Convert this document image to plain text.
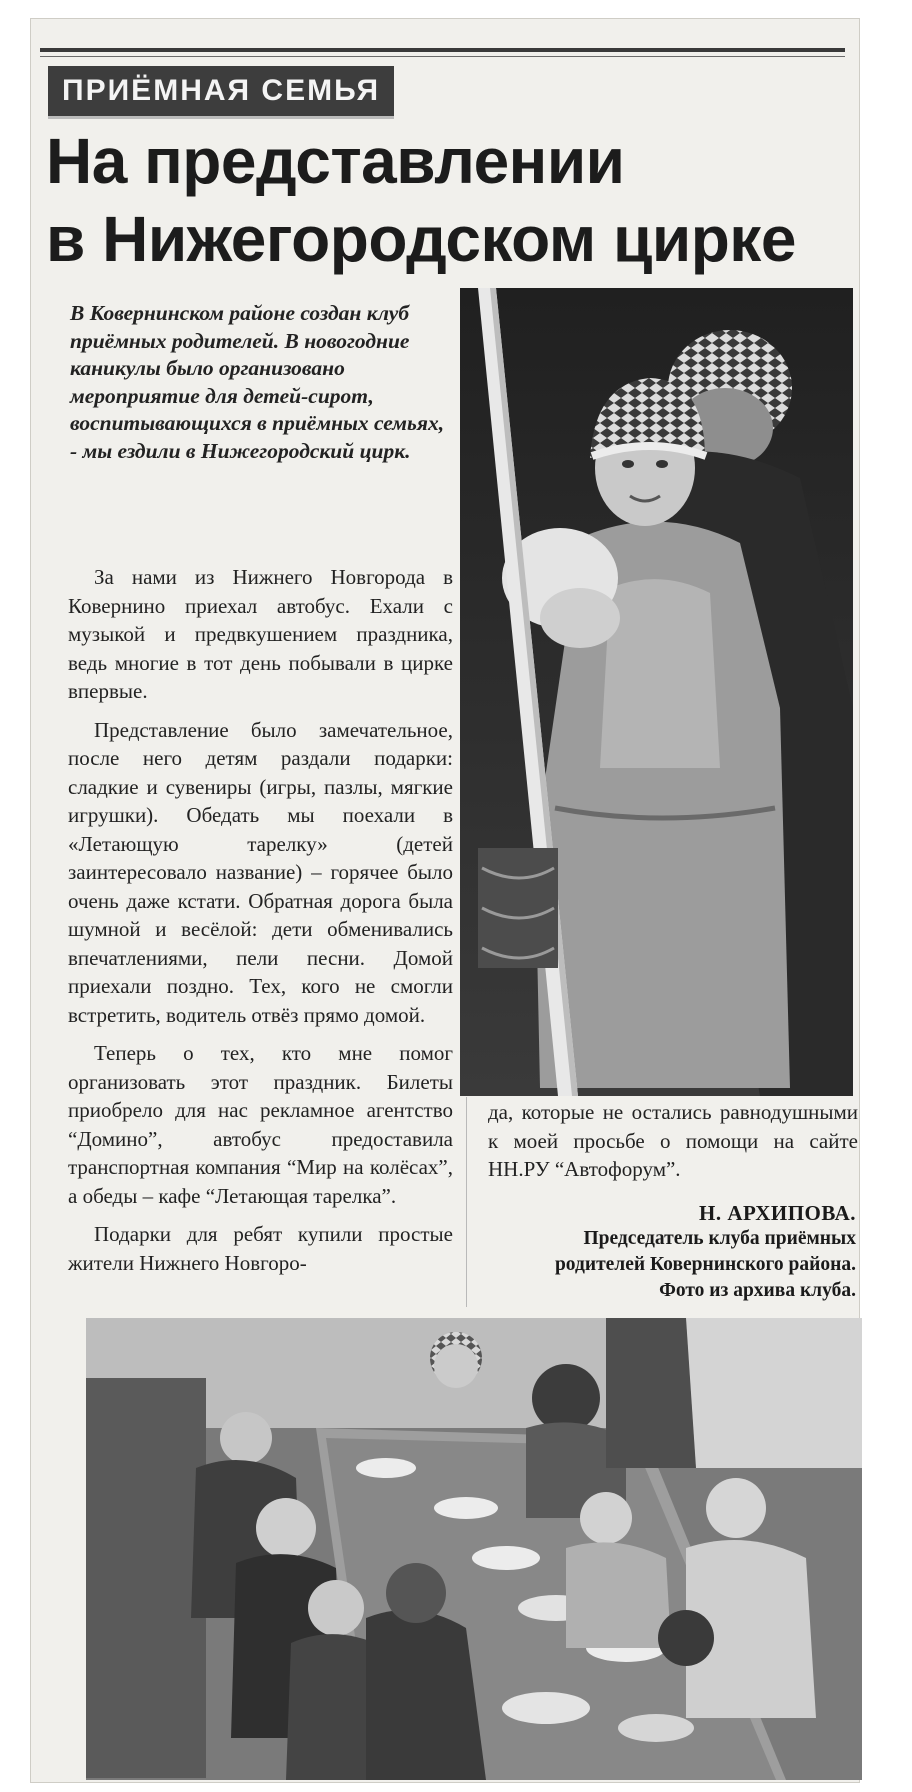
ПРИЁМНАЯ СЕМЬЯ
На представлении
в Нижегородском цирке
В Ковернинском районе создан клуб приёмных родителей. В новогодние каникулы было организовано мероприятие для детей-сирот, воспитывающихся в приёмных семьях, - мы ездили в Нижегородский цирк.

За нами из Нижнего Новгорода в Ковернино приехал автобус. Ехали с музыкой и предвкушением праздника, ведь многие в тот день побывали в цирке впервые.

Представление было замечательное, после него детям раздали подарки: сладкие и сувениры (игры, пазлы, мягкие игрушки). Обедать мы поехали в «Летающую тарелку» (детей заинтересовало название) – горячее было очень даже кстати. Обратная дорога была шумной и весёлой: дети обменивались впечатлениями, пели песни. Домой приехали поздно. Тех, кого не смогли встретить, водитель отвёз прямо домой.

Теперь о тех, кто мне помог организовать этот праздник. Билеты приобрело для нас рекламное агентство “Домино”, автобус предоставила транспортная компания “Мир на колёсах”, а обеды – кафе “Летающая тарелка”.

Подарки для ребят купили простые жители Нижнего Новгоро-

да, которые не остались равнодушными к моей просьбе о помощи на сайте НН.РУ “Автофорум”.

Н. АРХИПОВА.
Председатель клуба приёмных
родителей Ковернинского района.
Фото из архива клуба.
